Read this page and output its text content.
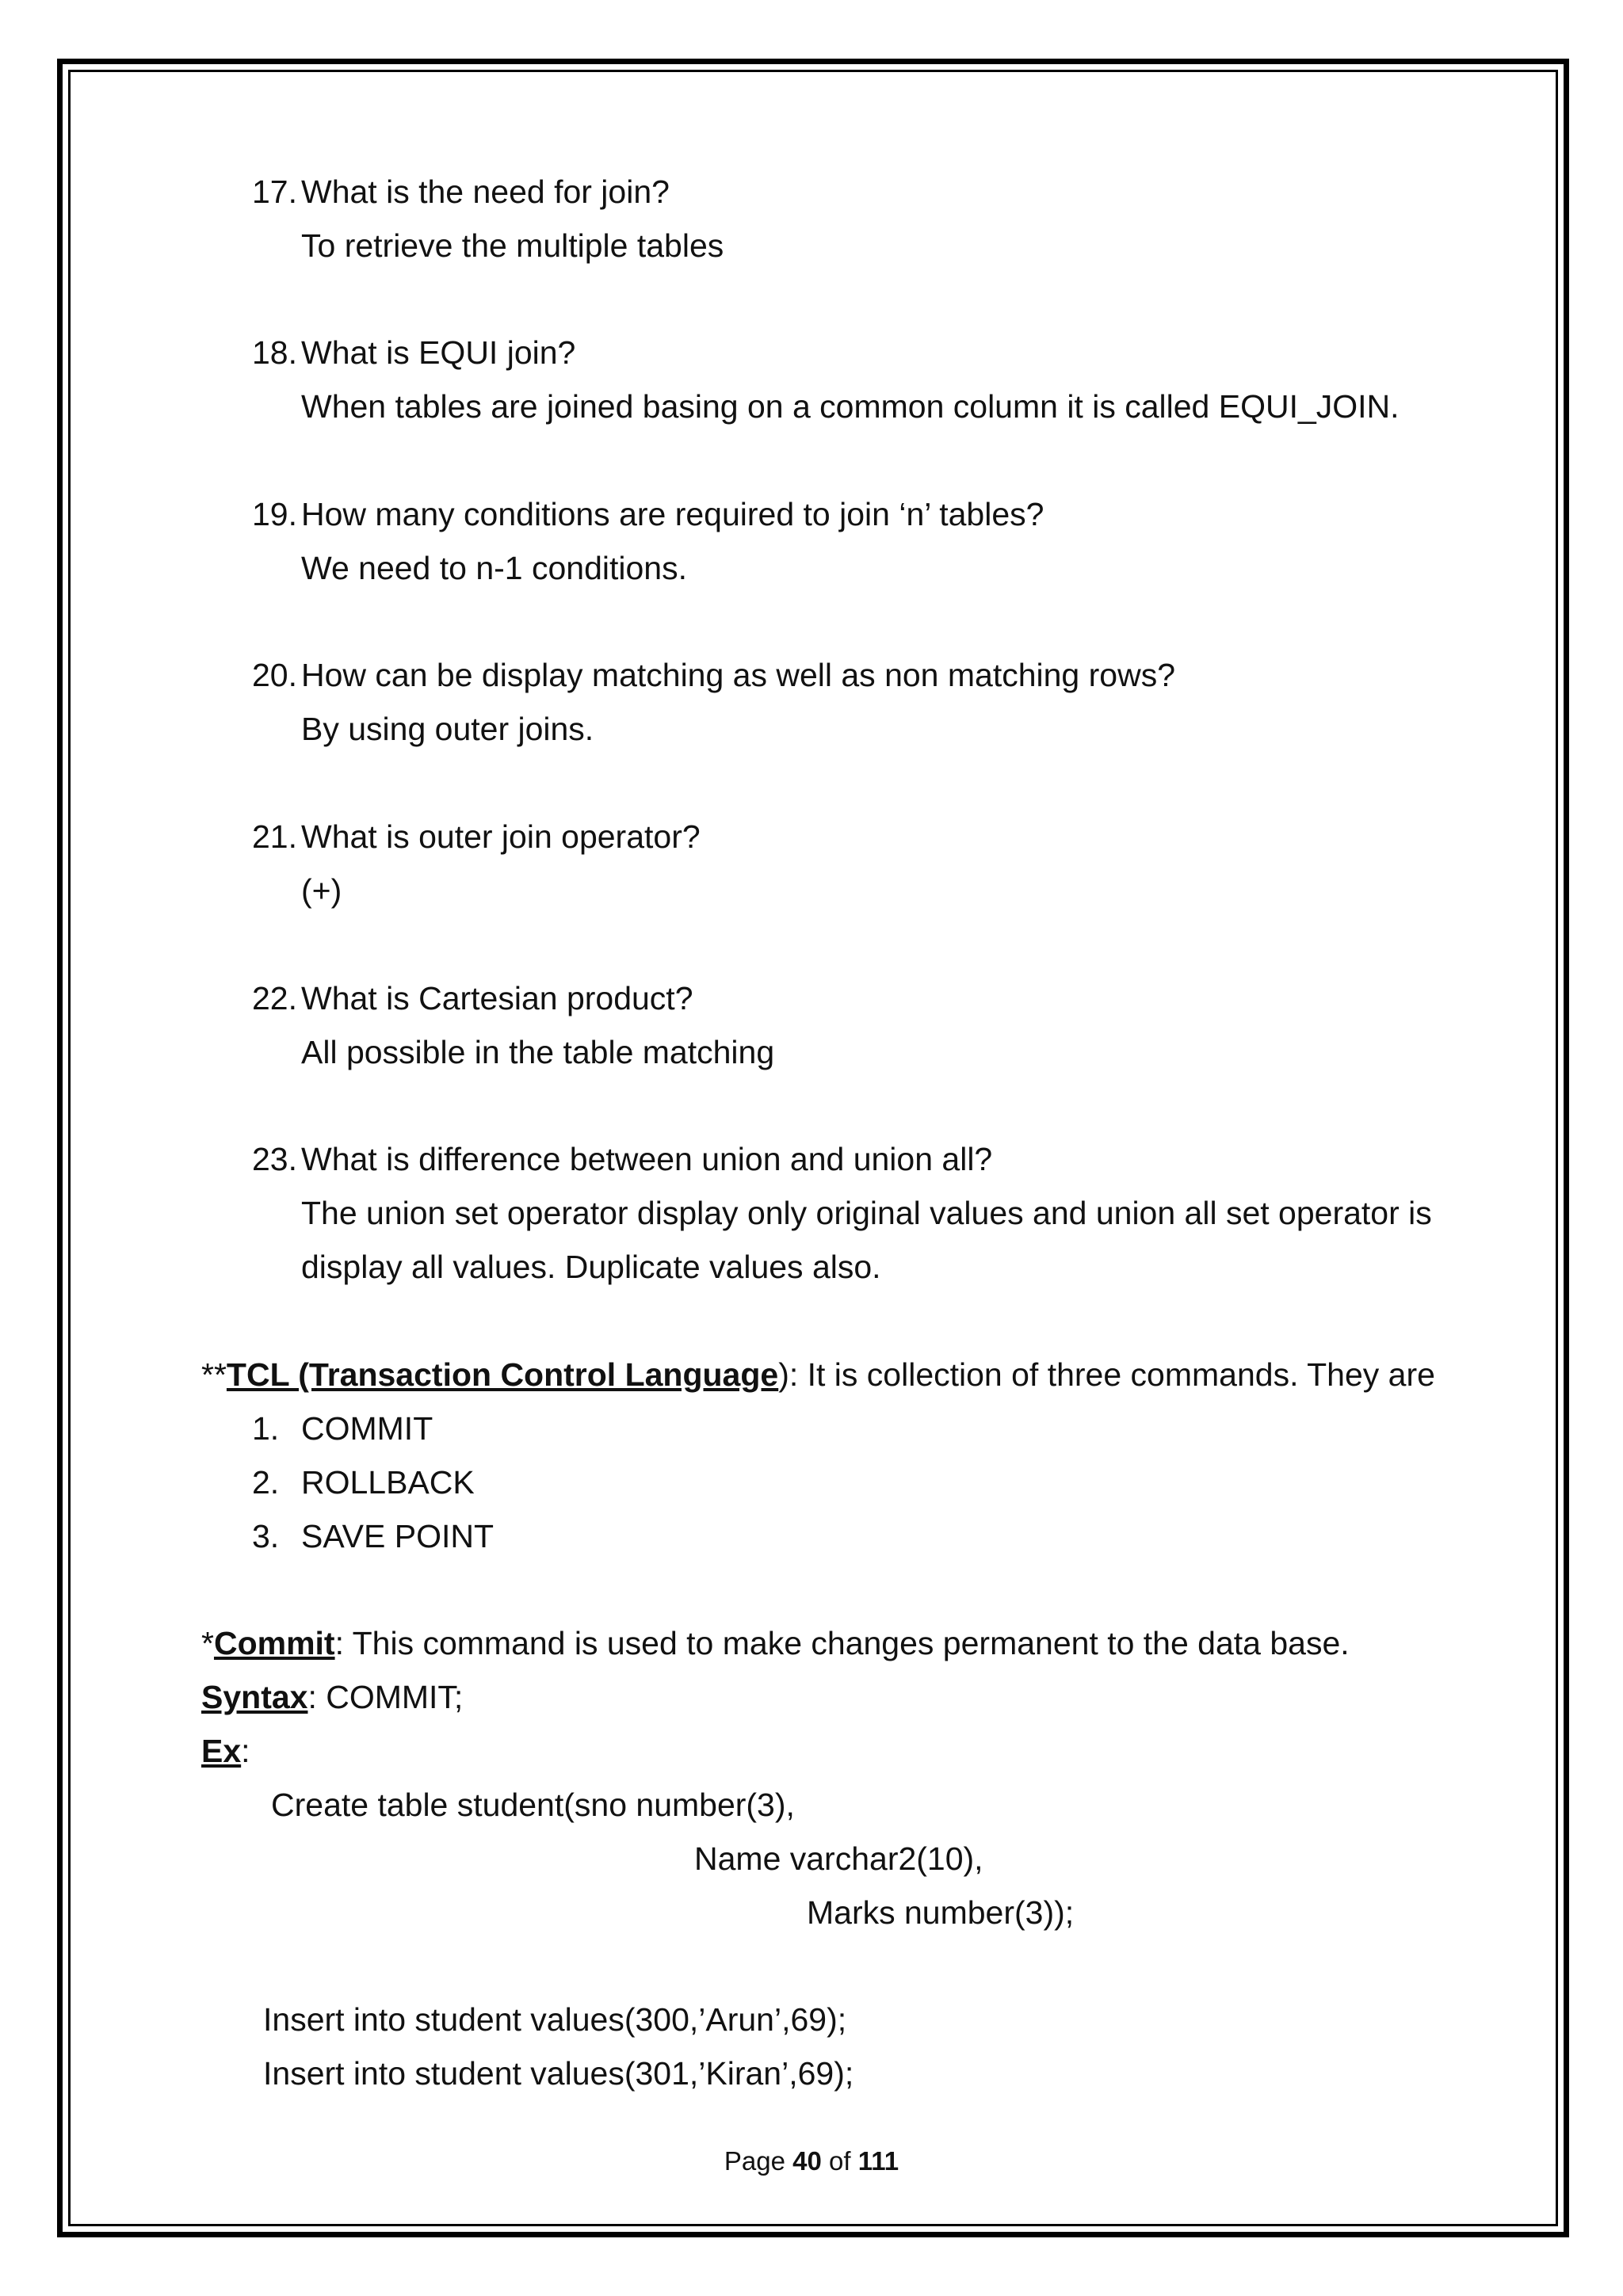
17. What is the need for join?
To retrieve the multiple tables
18. What is EQUI join?
When tables are joined basing on a common column it is called EQUI_JOIN.
19. How many conditions are required to join ‘n’ tables?
We need to n-1 conditions.
20. How can be display matching as well as non matching rows?
By using outer joins.
21. What is outer join operator?
(+)
22. What is Cartesian product?
All possible in the table matching
23. What is difference between union and union all?
The union set operator display only original values and union all set operator is
display all values. Duplicate values also.
**TCL (Transaction Control Language): It is collection of three commands. They are
1. COMMIT
2. ROLLBACK
3. SAVE POINT
*Commit: This command is used to make changes permanent to the data base.
Syntax: COMMIT;
Ex:
Create table student(sno number(3),
Name varchar2(10),
Marks number(3));
Insert into student values(300,’Arun’,69);
Insert into student values(301,’Kiran’,69);
Page 40 of 111
